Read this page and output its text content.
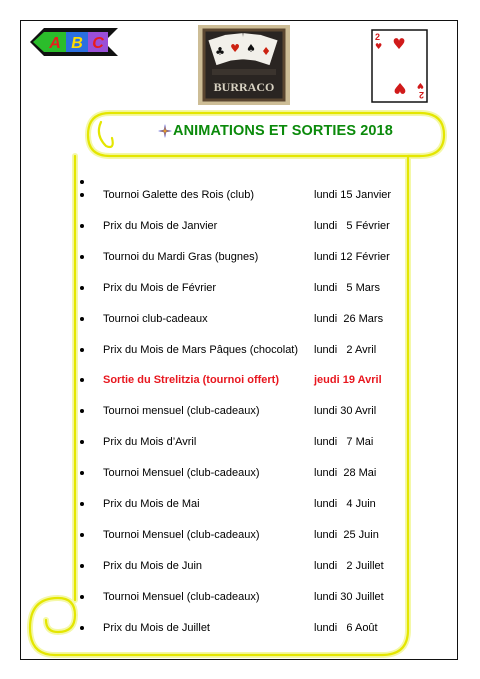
A B C	♣ ♥ ♠ ♦
BURRACO
2
♥ ♥
♥ 2
♥
ANIMATIONS ET SORTIES 2018
Tournoi Galette des Rois (club)	lundi 15 Janvier
Prix du Mois de Janvier	lundi   5 Février
Tournoi du Mardi Gras (bugnes)	lundi 12 Février
Prix du Mois de Février	lundi   5 Mars
Tournoi club-cadeaux	lundi  26 Mars
Prix du Mois de Mars Pâques (chocolat) lundi   2 Avril
Sortie du Strelitzia (tournoi offert)	jeudi 19 Avril
Tournoi mensuel (club-cadeaux)	lundi 30 Avril
Prix du Mois d’Avril	lundi   7 Mai
Tournoi Mensuel (club-cadeaux)	lundi  28 Mai
Prix du Mois de Mai	lundi   4 Juin
Tournoi Mensuel (club-cadeaux)	lundi  25 Juin
Prix du Mois de Juin	lundi   2 Juillet
Tournoi Mensuel (club-cadeaux)	lundi 30 Juillet
Prix du Mois de Juillet	lundi   6 Août
